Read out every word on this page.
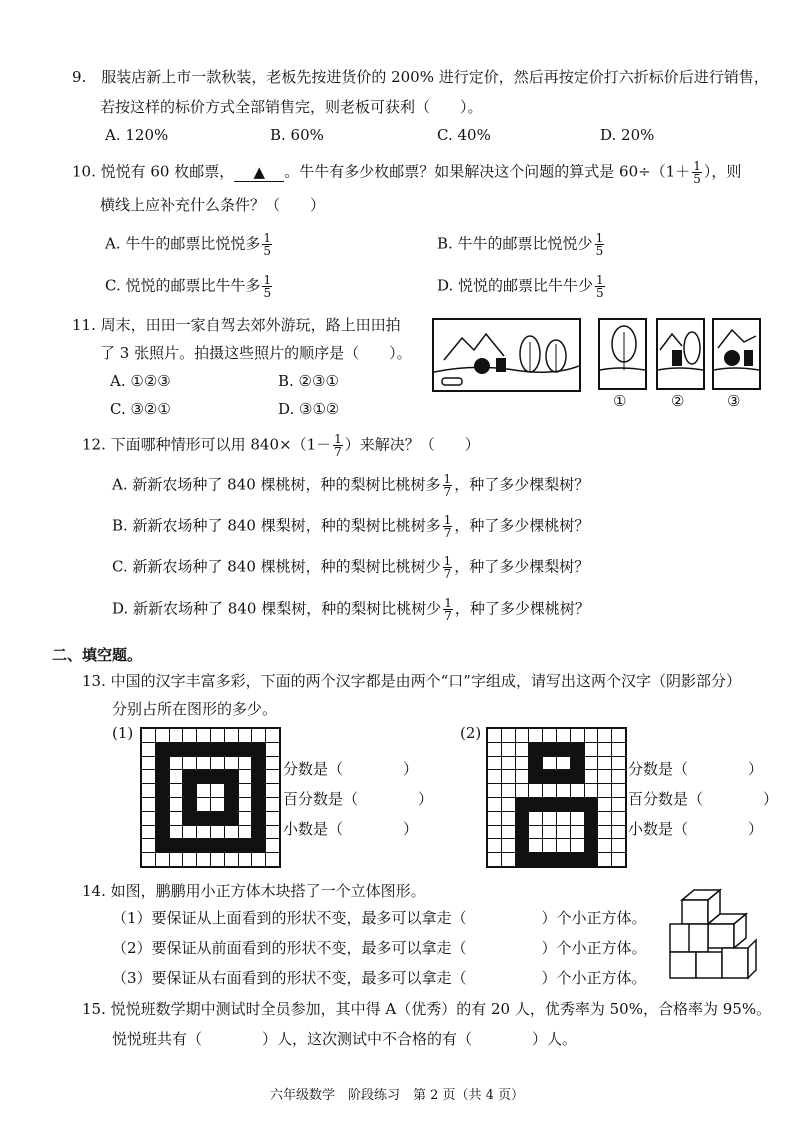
9.　服装店新上市一款秋装，老板先按进货价的 200% 进行定价，然后再按定价打六折标价后进行销售，
若按这样的标价方式全部销售完，则老板可获利（　　）。
A. 120%	B. 60%	C. 40%	D. 20%
10. 悦悦有 60 枚邮票， ▲ 。牛牛有多少枚邮票？如果解决这个问题的算式是 $60\div(1+ \frac{1}{5}$ ），则
横线上应补充什么条件？（　　）
A. 牛牛的邮票比悦悦多 $\frac{1}{5}$	B. 牛牛的邮票比悦悦少 $\frac{1}{5}$
C. 悦悦的邮票比牛牛多 $\frac{1}{5}$	D. 悦悦的邮票比牛牛少 $\frac{1}{5}$
11. 周末，田田一家自驾去郊外游玩，路上田田拍
了 3 张照片。拍摄这些照片的顺序是（　　）。
A. ①②③	B. ②③①
C. ③②①	D. ③①②	①	②	③
12. 下面哪种情形可以用 $840\times(1- \frac{1}{7}$ ）来解决？（　　）
A. 新新农场种了 840 棵桃树，种的梨树比桃树多 $\frac{1}{7}$ ，种了多少棵梨树？
B. 新新农场种了 840 棵梨树，种的梨树比桃树多 $\frac{1}{7}$ ，种了多少棵桃树？
C. 新新农场种了 840 棵桃树，种的梨树比桃树少 $\frac{1}{7}$ ，种了多少棵梨树？
D. 新新农场种了 840 棵梨树，种的梨树比桃树少 $\frac{1}{7}$ ，种了多少棵桃树？
二、填空题。
13. 中国的汉字丰富多彩，下面的两个汉字都是由两个“口”字组成，请写出这两个汉字（阴影部分）
分别占所在图形的多少。
(1)	(2)
分数是（　　　　）
百分数是（　　　　）
小数是（　　　　）
分数是（　　　　）
百分数是（　　　　）
小数是（　　　　）
14. 如图，鹏鹏用小正方体木块搭了一个立体图形。
（1）要保证从上面看到的形状不变，最多可以拿走（　　　　　）个小正方体。
（2）要保证从前面看到的形状不变，最多可以拿走（　　　　　）个小正方体。
（3）要保证从右面看到的形状不变，最多可以拿走（　　　　　）个小正方体。
15. 悦悦班数学期中测试时全员参加，其中得 A（优秀）的有 20 人，优秀率为 50%，合格率为 95%。
悦悦班共有（　　　　）人，这次测试中不合格的有（　　　　）人。
六年级数学　阶段练习　第 2 页（共 4 页）
